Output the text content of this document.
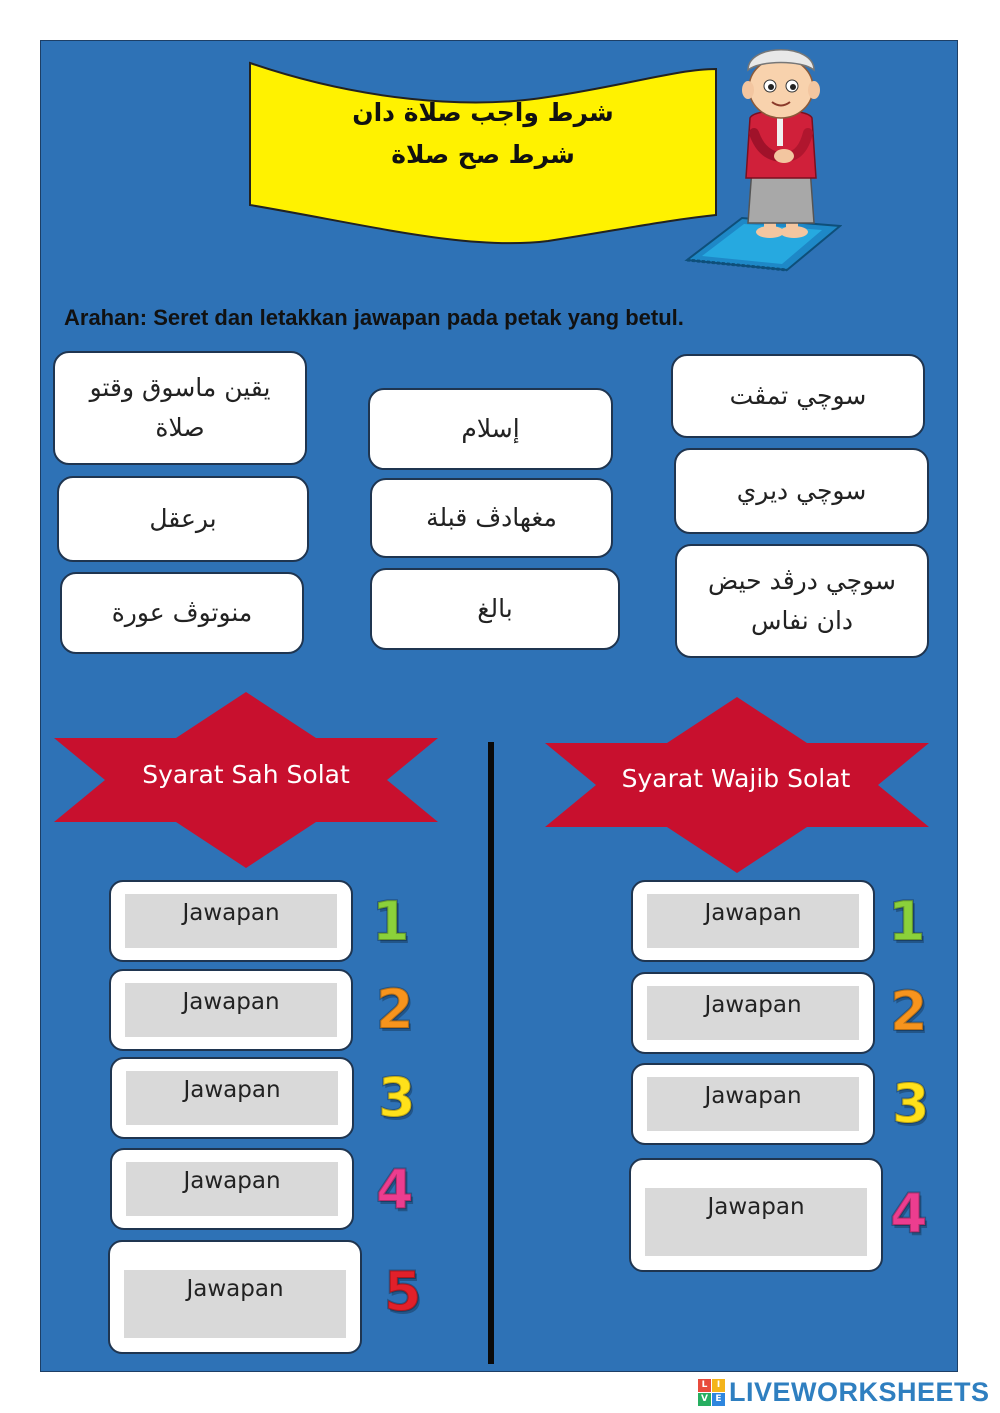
شرط واجب صلاة دان
شرط صح صلاة
Arahan: Seret dan letakkan jawapan pada petak yang betul.
يقين ماسوق وقتو صلاة
برعقل
منوتوڤ عورة
إسلام
مغهادڤ قبلة
بالغ
سوچي تمڤت
سوچي ديري
سوچي درڤد حيض دان نفاس
Syarat Sah Solat	Syarat Wajib Solat
Jawapan
Jawapan
Jawapan
Jawapan
Jawapan
1
2
3
4
5
Jawapan
Jawapan
Jawapan
Jawapan
1
2
3
4
L	I
V E LIVEWORKSHEETS
